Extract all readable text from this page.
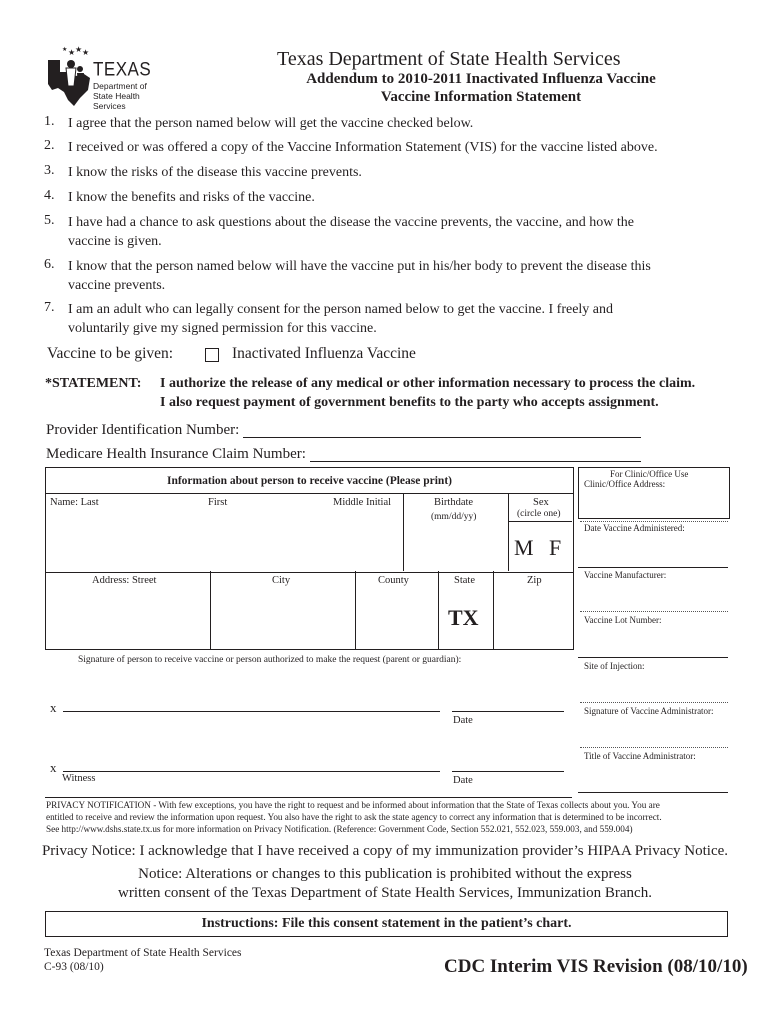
★ ★ ★
★
TEXAS
Department of
State Health Services
Texas Department of State Health Services
Addendum to 2010-2011 Inactivated Influenza Vaccine
Vaccine Information Statement
1. I agree that the person named below will get the vaccine checked below.
2. I received or was offered a copy of the Vaccine Information Statement (VIS) for the vaccine listed above.
3. I know the risks of the disease this vaccine prevents.
4. I know the benefits and risks of the vaccine.
5. I have had a chance to ask questions about the disease the vaccine prevents, the vaccine, and how the
vaccine is given.
6. I know that the person named below will have the vaccine put in his/her body to prevent the disease this
vaccine prevents.
7. I am an adult who can legally consent for the person named below to get the vaccine. I freely and
voluntarily give my signed permission for this vaccine.
Vaccine to be given:	Inactivated Influenza Vaccine
*STATEMENT: I authorize the release of any medical or other information necessary to process the claim.
I also request payment of government benefits to the party who accepts assignment.
Provider Identification Number:
Medicare Health Insurance Claim Number:
Information about person to receive vaccine (Please print)
Name: Last	First	Middle Initial	Birthdate
(mm/dd/yy)
Sex
(circle one)
M F
Address: Street	City	County	State
TX
Zip
Signature of person to receive vaccine or person authorized to make the request (parent or guardian):
x
Date
x
Witness	Date
For Clinic/Office Use
Clinic/Office Address:
Date Vaccine Administered:
Vaccine Manufacturer:
Vaccine Lot Number:
Site of Injection:
Signature of Vaccine Administrator:
Title of Vaccine Administrator:
PRIVACY NOTIFICATION - With few exceptions, you have the right to request and be informed about information that the State of Texas collects about you. You are
entitled to receive and review the information upon request. You also have the right to ask the state agency to correct any information that is determined to be incorrect.
See http://www.dshs.state.tx.us for more information on Privacy Notification. (Reference: Government Code, Section 552.021, 552.023, 559.003, and 559.004)
Privacy Notice: I acknowledge that I have received a copy of my immunization provider’s HIPAA Privacy Notice.
Notice: Alterations or changes to this publication is prohibited without the express
written consent of the Texas Department of State Health Services, Immunization Branch.
Instructions: File this consent statement in the patient’s chart.
Texas Department of State Health Services
C-93 (08/10)	CDC Interim VIS Revision (08/10/10)
